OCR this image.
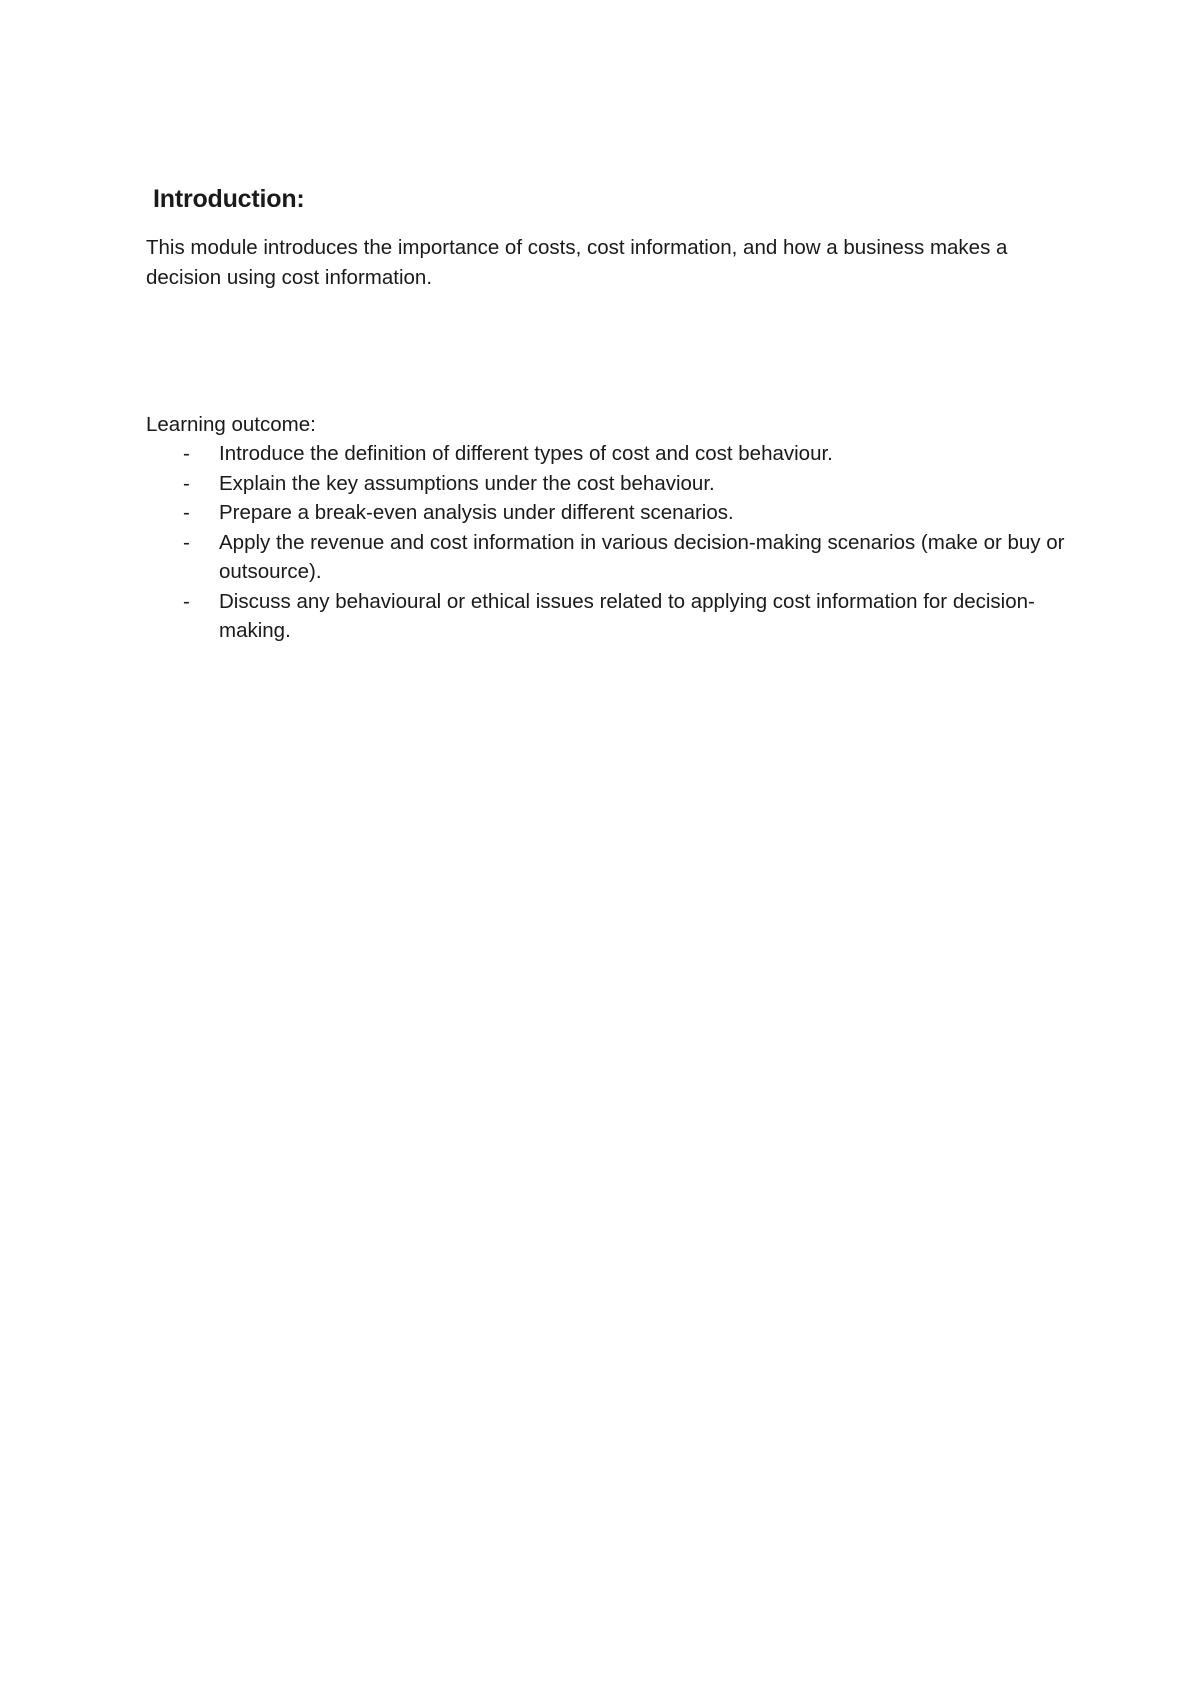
Introduction:

This module introduces the importance of costs, cost information, and how a business makes a decision using cost information.

Learning outcome:

- Introduce the definition of different types of cost and cost behaviour.
- Explain the key assumptions under the cost behaviour.
- Prepare a break-even analysis under different scenarios.
- Apply the revenue and cost information in various decision-making scenarios (make or buy or outsource).
- Discuss any behavioural or ethical issues related to applying cost information for decision-making.
